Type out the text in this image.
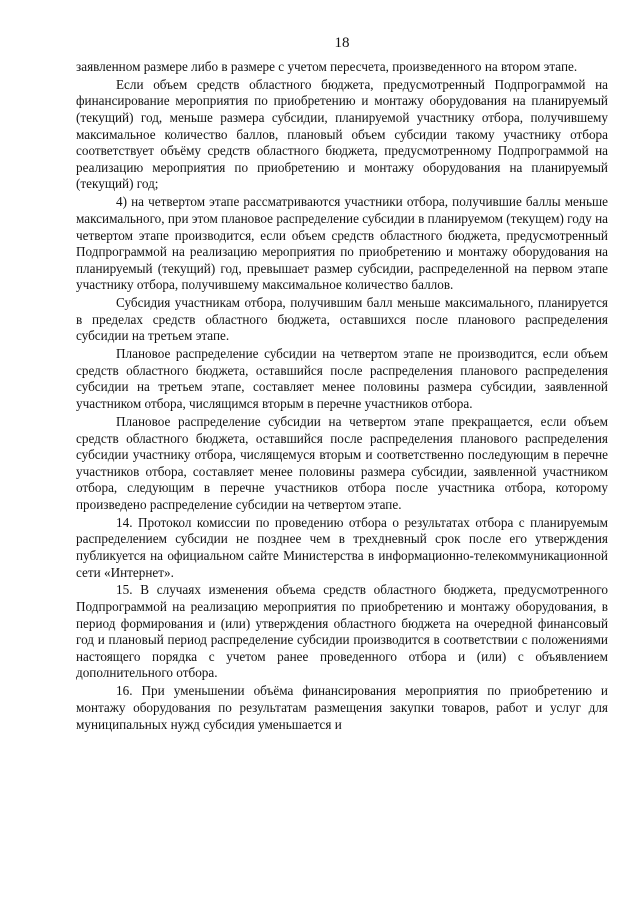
18

заявленном размере либо в размере с учетом пересчета, произведенного на втором этапе.

Если объем средств областного бюджета, предусмотренный Подпрограммой на финансирование мероприятия по приобретению и монтажу оборудования на планируемый (текущий) год, меньше размера субсидии, планируемой участнику отбора, получившему максимальное количество баллов, плановый объем субсидии такому участнику отбора соответствует объёму средств областного бюджета, предусмотренному Подпрограммой на реализацию мероприятия по приобретению и монтажу оборудования на планируемый (текущий) год;

4) на четвертом этапе рассматриваются участники отбора, получившие баллы меньше максимального, при этом плановое распределение субсидии в планируемом (текущем) году на четвертом этапе производится, если объем средств областного бюджета, предусмотренный Подпрограммой на реализацию мероприятия по приобретению и монтажу оборудования на планируемый (текущий) год, превышает размер субсидии, распределенной на первом этапе участнику отбора, получившему максимальное количество баллов.

Субсидия участникам отбора, получившим балл меньше максимального, планируется в пределах средств областного бюджета, оставшихся после планового распределения субсидии на третьем этапе.

Плановое распределение субсидии на четвертом этапе не производится, если объем средств областного бюджета, оставшийся после распределения планового распределения субсидии на третьем этапе, составляет менее половины размера субсидии, заявленной участником отбора, числящимся вторым в перечне участников отбора.

Плановое распределение субсидии на четвертом этапе прекращается, если объем средств областного бюджета, оставшийся после распределения планового распределения субсидии участнику отбора, числящемуся вторым и соответственно последующим в перечне участников отбора, составляет менее половины размера субсидии, заявленной участником отбора, следующим в перечне участников отбора после участника отбора, которому произведено распределение субсидии на четвертом этапе.

14. Протокол комиссии по проведению отбора о результатах отбора с планируемым распределением субсидии не позднее чем в трехдневный срок после его утверждения публикуется на официальном сайте Министерства в информационно-телекоммуникационной сети «Интернет».

15. В случаях изменения объема средств областного бюджета, предусмотренного Подпрограммой на реализацию мероприятия по приобретению и монтажу оборудования, в период формирования и (или) утверждения областного бюджета на очередной финансовый год и плановый период распределение субсидии производится в соответствии с положениями настоящего порядка с учетом ранее проведенного отбора и (или) с объявлением дополнительного отбора.

16. При уменьшении объёма финансирования мероприятия по приобретению и монтажу оборудования по результатам размещения закупки товаров, работ и услуг для муниципальных нужд субсидия уменьшается и
